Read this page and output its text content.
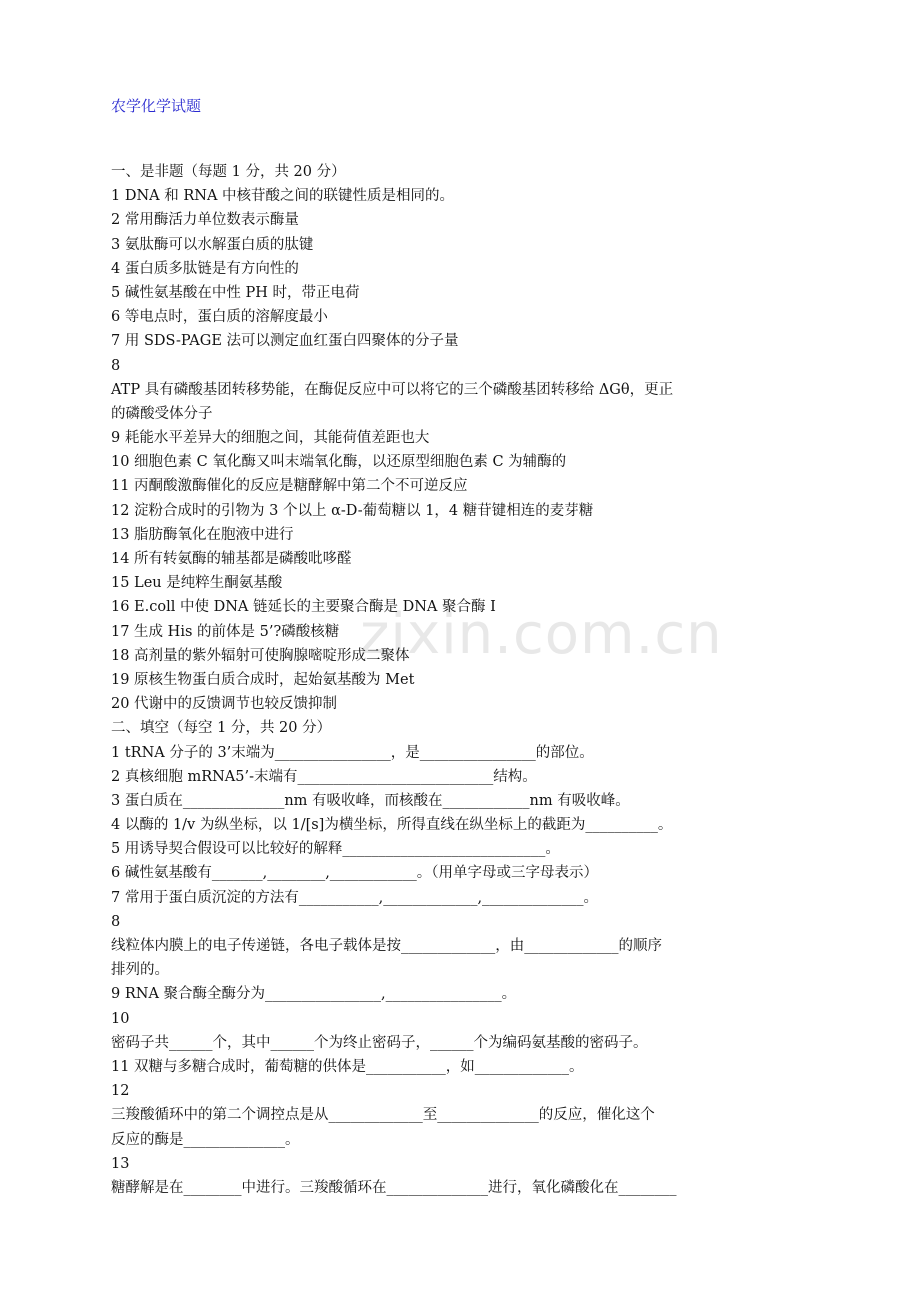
zixin.com.cn
农学化学试题
一、是非题（每题 1 分，共 20 分）
1 DNA 和 RNA 中核苷酸之间的联键性质是相同的。
2 常用酶活力单位数表示酶量
3 氨肽酶可以水解蛋白质的肽键
4 蛋白质多肽链是有方向性的
5 碱性氨基酸在中性 PH 时，带正电荷
6 等电点时，蛋白质的溶解度最小
7 用 SDS-PAGE 法可以测定血红蛋白四聚体的分子量
8
ATP 具有磷酸基团转移势能，在酶促反应中可以将它的三个磷酸基团转移给 ΔGθ，更正
的磷酸受体分子
9 耗能水平差异大的细胞之间，其能荷值差距也大
10 细胞色素 C 氧化酶又叫末端氧化酶，以还原型细胞色素 C 为辅酶的
11 丙酮酸激酶催化的反应是糖酵解中第二个不可逆反应
12 淀粉合成时的引物为 3 个以上 α-D-葡萄糖以 1，4 糖苷键相连的麦芽糖
13 脂肪酶氧化在胞液中进行
14 所有转氨酶的辅基都是磷酸吡哆醛
15 Leu 是纯粹生酮氨基酸
16 E.coll 中使 DNA 链延长的主要聚合酶是 DNA 聚合酶 I
17 生成 His 的前体是 5’?磷酸核糖
18 高剂量的紫外辐射可使胸腺嘧啶形成二聚体
19 原核生物蛋白质合成时，起始氨基酸为 Met
20 代谢中的反馈调节也较反馈抑制
二、填空（每空 1 分，共 20 分）
1 tRNA 分子的 3’末端为________________，是________________的部位。
2 真核细胞 mRNA5’-末端有___________________________结构。
3 蛋白质在______________nm 有吸收峰，而核酸在____________nm 有吸收峰。
4 以酶的 1/v 为纵坐标，以 1/[s]为横坐标，所得直线在纵坐标上的截距为__________。
5 用诱导契合假设可以比较好的解释____________________________。
6 碱性氨基酸有_______,________,____________。（用单字母或三字母表示）
7 常用于蛋白质沉淀的方法有___________,_____________,______________。
8
线粒体内膜上的电子传递链，各电子载体是按_____________，由_____________的顺序
排列的。
9 RNA 聚合酶全酶分为________________,________________。
10
密码子共______个，其中______个为终止密码子，______个为编码氨基酸的密码子。
11 双糖与多糖合成时，葡萄糖的供体是___________，如_____________。
12
三羧酸循环中的第二个调控点是从_____________至______________的反应，催化这个
反应的酶是______________。
13
糖酵解是在________中进行。三羧酸循环在______________进行，氧化磷酸化在________
